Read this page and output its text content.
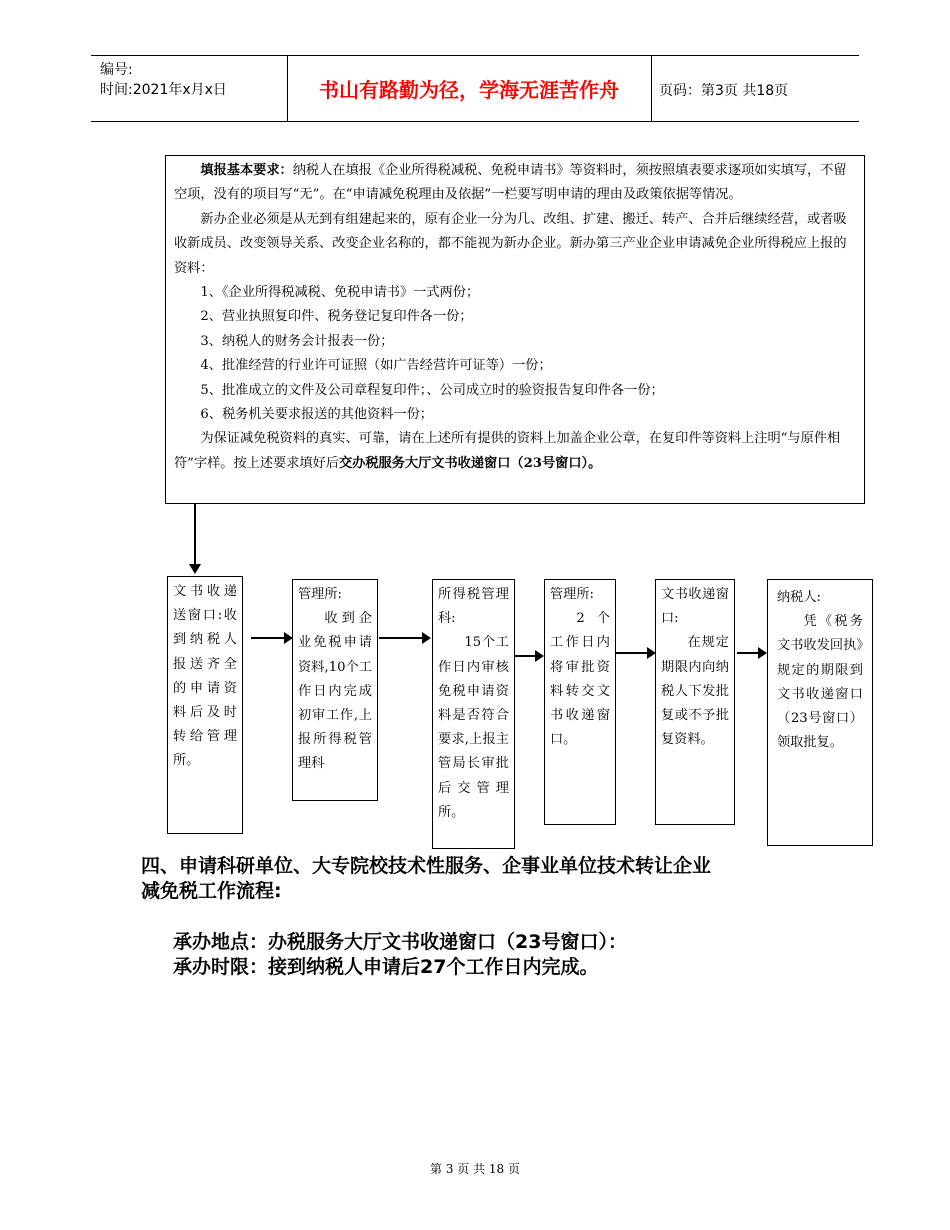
编号:
时间:2021年x月x日	书山有路勤为径，学海无涯苦作舟	页码：第3页 共18页

填报基本要求：纳税人在填报《企业所得税减税、免税申请书》等资料时，须按照填表要求逐项如实填写，不留空项，没有的项目写“无”。在“申请减免税理由及依据”一栏要写明申请的理由及政策依据等情况。

新办企业必须是从无到有组建起来的，原有企业一分为几、改组、扩建、搬迁、转产、合并后继续经营，或者吸收新成员、改变领导关系、改变企业名称的，都不能视为新办企业。新办第三产业企业申请减免企业所得税应上报的资料：

1、《企业所得税减税、免税申请书》一式两份；

2、营业执照复印件、税务登记复印件各一份；

3、纳税人的财务会计报表一份；

4、批准经营的行业许可证照（如广告经营许可证等）一份；

5、批准成立的文件及公司章程复印件；、公司成立时的验资报告复印件各一份；

6、税务机关要求报送的其他资料一份；

为保证减免税资料的真实、可靠，请在上述所有提供的资料上加盖企业公章，在复印件等资料上注明“与原件相符”字样。按上述要求填好后交办税服务大厅文书收递窗口（23号窗口）。

文书收递送窗口:收到纳税人报送齐全的申请资料后及时转给管理所。
管理所:
收到企业免税申请资料,10个工作日内完成初审工作,上报所得税管理科
所得税管理科:
15个工作日内审核免税申请资料是否符合要求,上报主管局长审批后交管理所。
管理所:
2个工作日内将审批资料转交文书收递窗口。
文书收递窗口:
在规定期限内向纳税人下发批复或不予批复资料。
纳税人:
凭《税务文书收发回执》规定的期限到文书收递窗口（23号窗口）领取批复。
四、申请科研单位、大专院校技术性服务、企事业单位技术转让企业
减免税工作流程:
承办地点：办税服务大厅文书收递窗口（23号窗口）：
承办时限：接到纳税人申请后27个工作日内完成。
第 3 页 共 18 页
